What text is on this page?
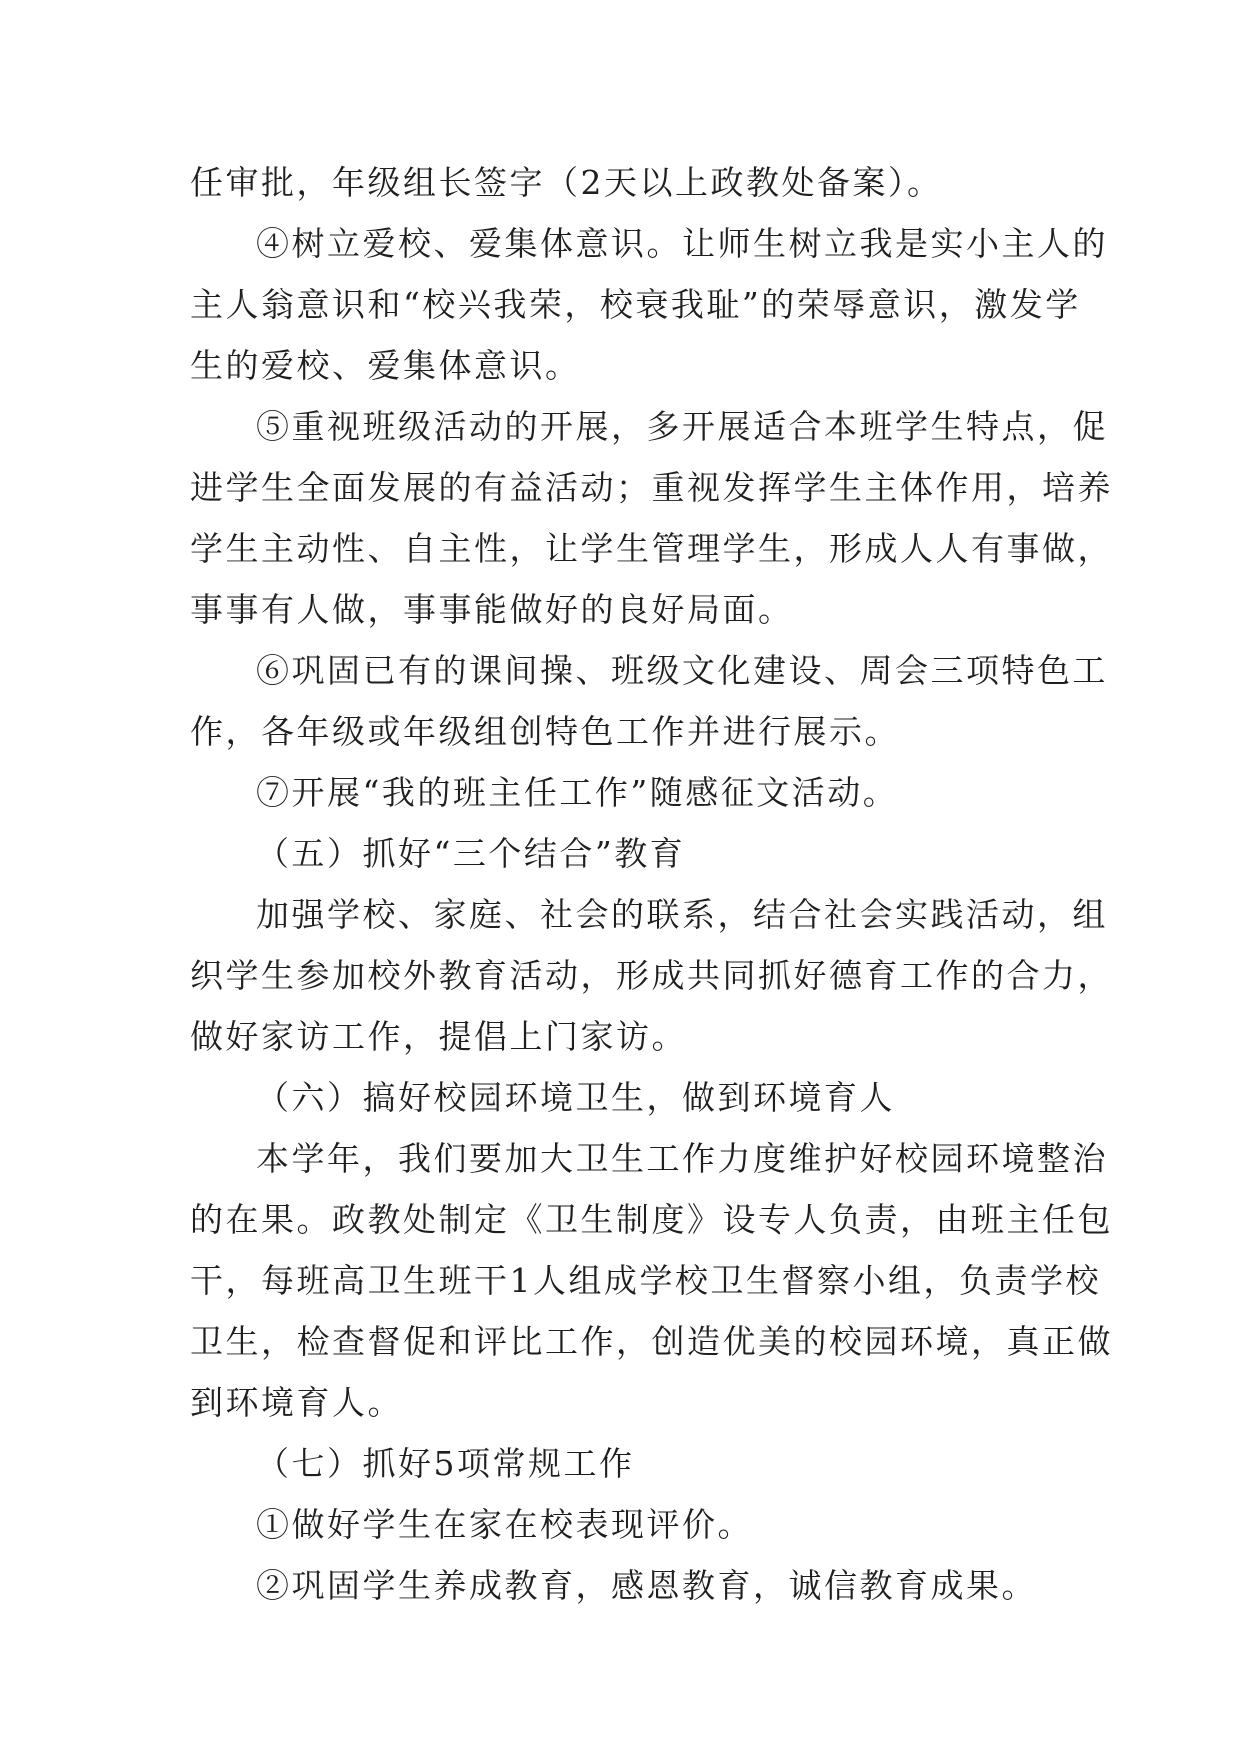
任审批，年级组长签字（2天以上政教处备案）。
④树立爱校、爱集体意识。让师生树立我是实小主人的
主人翁意识和“校兴我荣，校衰我耻”的荣辱意识，激发学
生的爱校、爱集体意识。
⑤重视班级活动的开展，多开展适合本班学生特点，促
进学生全面发展的有益活动；重视发挥学生主体作用，培养
学生主动性、自主性，让学生管理学生，形成人人有事做，
事事有人做，事事能做好的良好局面。
⑥巩固已有的课间操、班级文化建设、周会三项特色工
作，各年级或年级组创特色工作并进行展示。
⑦开展“我的班主任工作”随感征文活动。
（五）抓好“三个结合”教育
加强学校、家庭、社会的联系，结合社会实践活动，组
织学生参加校外教育活动，形成共同抓好德育工作的合力，
做好家访工作，提倡上门家访。
（六）搞好校园环境卫生，做到环境育人
本学年，我们要加大卫生工作力度维护好校园环境整治
的在果。政教处制定《卫生制度》设专人负责，由班主任包
干，每班高卫生班干1人组成学校卫生督察小组，负责学校
卫生，检查督促和评比工作，创造优美的校园环境，真正做
到环境育人。
（七）抓好5项常规工作
①做好学生在家在校表现评价。
②巩固学生养成教育，感恩教育，诚信教育成果。
